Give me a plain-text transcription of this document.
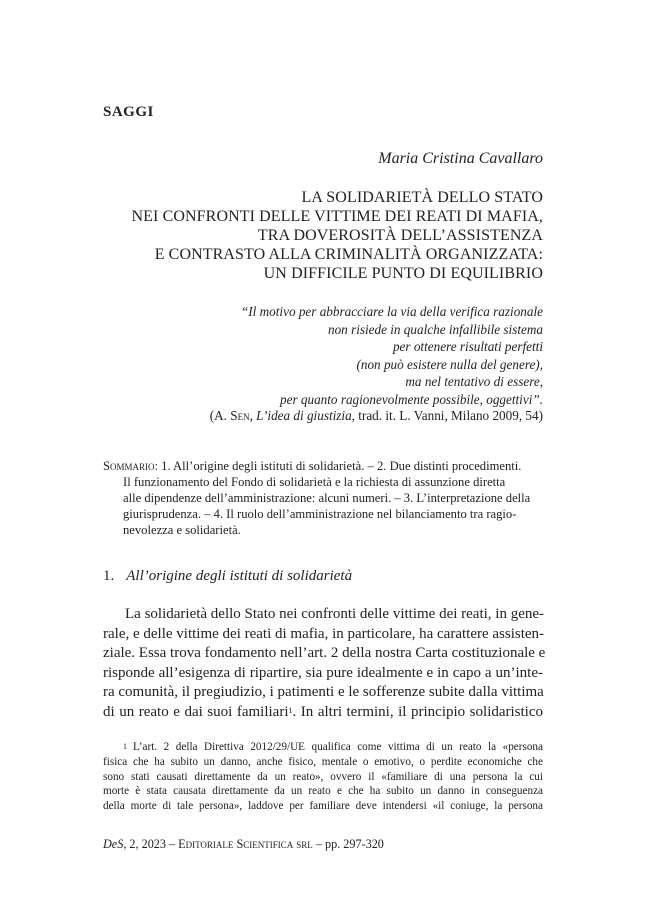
SAGGI
Maria Cristina Cavallaro
LA SOLIDARIETÀ DELLO STATO
NEI CONFRONTI DELLE VITTIME DEI REATI DI MAFIA,
TRA DOVEROSITÀ DELL’ASSISTENZA
E CONTRASTO ALLA CRIMINALITÀ ORGANIZZATA:
UN DIFFICILE PUNTO DI EQUILIBRIO
“Il motivo per abbracciare la via della verifica razionale
non risiede in qualche infallibile sistema
per ottenere risultati perfetti
(non può esistere nulla del genere),
ma nel tentativo di essere,
per quanto ragionevolmente possibile, oggettivi”.
(A. Sen, L’idea di giustizia, trad. it. L. Vanni, Milano 2009, 54)
Sommario: 1. All’origine degli istituti di solidarietà. – 2. Due distinti procedimenti.
Il funzionamento del Fondo di solidarietà e la richiesta di assunzione diretta
alle dipendenze dell’amministrazione: alcuni numeri. – 3. L’interpretazione della
giurisprudenza. – 4. Il ruolo dell’amministrazione nel bilanciamento tra ragio-
nevolezza e solidarietà.
1. All’origine degli istituti di solidarietà
La solidarietà dello Stato nei confronti delle vittime dei reati, in gene-
rale, e delle vittime dei reati di mafia, in particolare, ha carattere assisten-
ziale. Essa trova fondamento nell’art. 2 della nostra Carta costituzionale e
risponde all’esigenza di ripartire, sia pure idealmente e in capo a un’inte-
ra comunità, il pregiudizio, i patimenti e le sofferenze subite dalla vittima
di un reato e dai suoi familiari$^1$. In altri termini, il principio solidaristico
$^1$ L’art. 2 della Direttiva 2012/29/UE qualifica come vittima di un reato la «persona
fisica che ha subito un danno, anche fisico, mentale o emotivo, o perdite economiche che
sono stati causati direttamente da un reato», ovvero il «familiare di una persona la cui
morte è stata causata direttamente da un reato e che ha subito un danno in conseguenza
della morte di tale persona», laddove per familiare deve intendersi «il coniuge, la persona
DeS, 2, 2023 – Editoriale Scientifica srl – pp. 297-320
